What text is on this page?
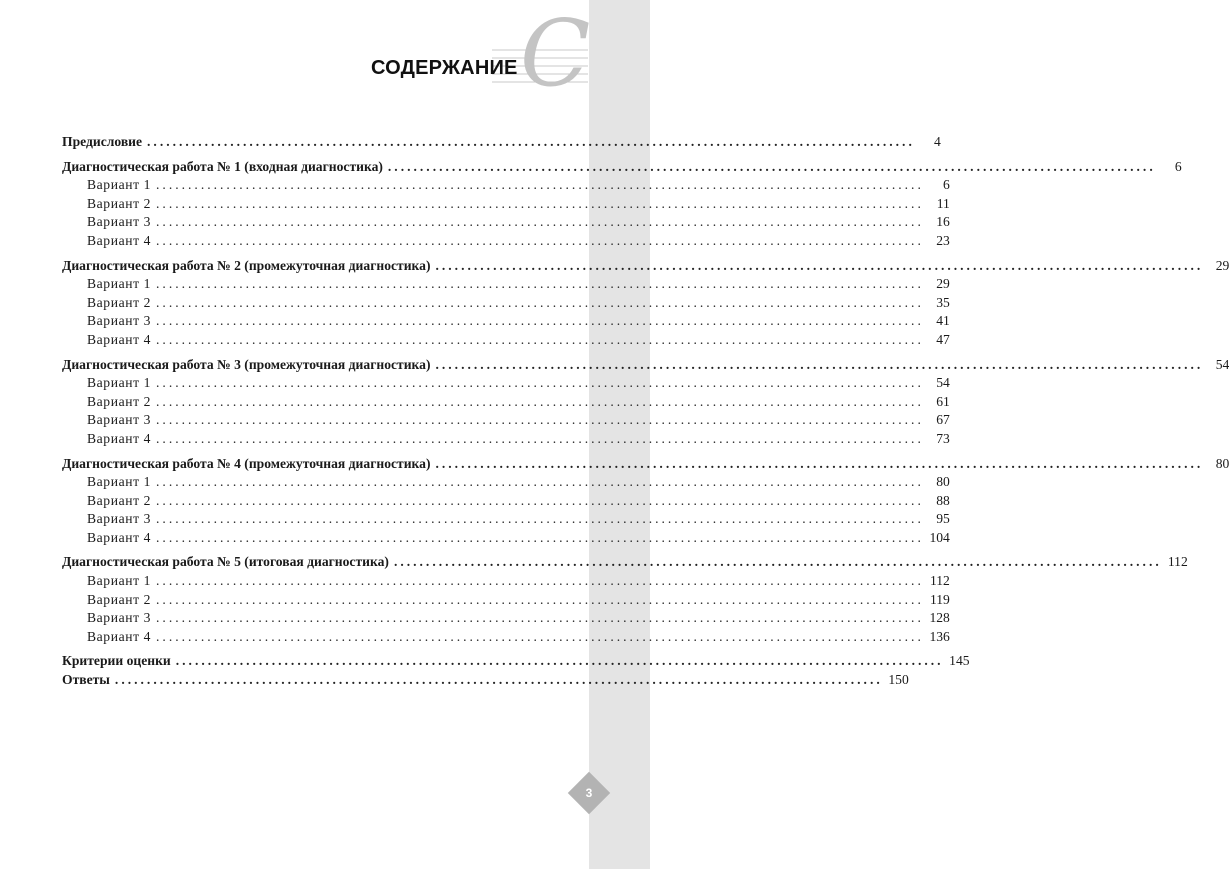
C
СОДЕРЖАНИЕ
Предисловие ........................................................................................................................	4
Диагностическая работа № 1 (входная диагностика) ........................................................................................................................	6
Вариант 1 ........................................................................................................................	6
Вариант 2 ........................................................................................................................ 11
Вариант 3 ........................................................................................................................ 16
Вариант 4 ........................................................................................................................ 23
Диагностическая работа № 2 (промежуточная диагностика) ........................................................................................................................ 29
Вариант 1 ........................................................................................................................ 29
Вариант 2 ........................................................................................................................ 35
Вариант 3 ........................................................................................................................ 41
Вариант 4 ........................................................................................................................ 47
Диагностическая работа № 3 (промежуточная диагностика) ........................................................................................................................ 54
Вариант 1 ........................................................................................................................ 54
Вариант 2 ........................................................................................................................ 61
Вариант 3 ........................................................................................................................ 67
Вариант 4 ........................................................................................................................ 73
Диагностическая работа № 4 (промежуточная диагностика) ........................................................................................................................ 80
Вариант 1 ........................................................................................................................ 80
Вариант 2 ........................................................................................................................ 88
Вариант 3 ........................................................................................................................ 95
Вариант 4 ........................................................................................................................ 104
Диагностическая работа № 5 (итоговая диагностика) ........................................................................................................................ 112
Вариант 1 ........................................................................................................................ 112
Вариант 2 ........................................................................................................................ 119
Вариант 3 ........................................................................................................................ 128
Вариант 4 ........................................................................................................................ 136
Критерии оценки ........................................................................................................................ 145
Ответы ........................................................................................................................ 150
3
